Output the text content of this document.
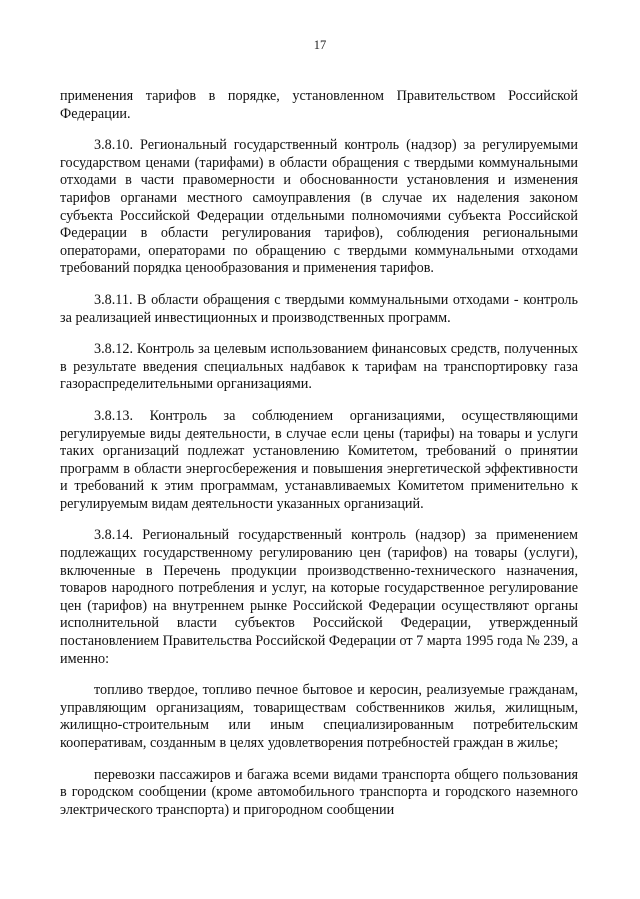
17

применения тарифов в порядке, установленном Правительством Российской Федерации.

3.8.10. Региональный государственный контроль (надзор) за регулируемыми государством ценами (тарифами) в области обращения с твердыми коммунальными отходами в части правомерности и обоснованности установления и изменения тарифов органами местного самоуправления (в случае их наделения законом субъекта Российской Федерации отдельными полномочиями субъекта Российской Федерации в области регулирования тарифов), соблюдения региональными операторами, операторами по обращению с твердыми коммунальными отходами требований порядка ценообразования и применения тарифов.

3.8.11. В области обращения с твердыми коммунальными отходами - контроль за реализацией инвестиционных и производственных программ.

3.8.12. Контроль за целевым использованием финансовых средств, полученных в результате введения специальных надбавок к тарифам на транспортировку газа газораспределительными организациями.

3.8.13. Контроль за соблюдением организациями, осуществляющими регулируемые виды деятельности, в случае если цены (тарифы) на товары и услуги таких организаций подлежат установлению Комитетом, требований о принятии программ в области энергосбережения и повышения энергетической эффективности и требований к этим программам, устанавливаемых Комитетом применительно к регулируемым видам деятельности указанных организаций.

3.8.14. Региональный государственный контроль (надзор) за применением подлежащих государственному регулированию цен (тарифов) на товары (услуги), включенные в Перечень продукции производственно-технического назначения, товаров народного потребления и услуг, на которые государственное регулирование цен (тарифов) на внутреннем рынке Российской Федерации осуществляют органы исполнительной власти субъектов Российской Федерации, утвержденный постановлением Правительства Российской Федерации от 7 марта 1995 года № 239, а именно:

топливо твердое, топливо печное бытовое и керосин, реализуемые гражданам, управляющим организациям, товариществам собственников жилья, жилищным, жилищно-строительным или иным специализированным потребительским кооперативам, созданным в целях удовлетворения потребностей граждан в жилье;

перевозки пассажиров и багажа всеми видами транспорта общего пользования в городском сообщении (кроме автомобильного транспорта и городского наземного электрического транспорта) и пригородном сообщении
